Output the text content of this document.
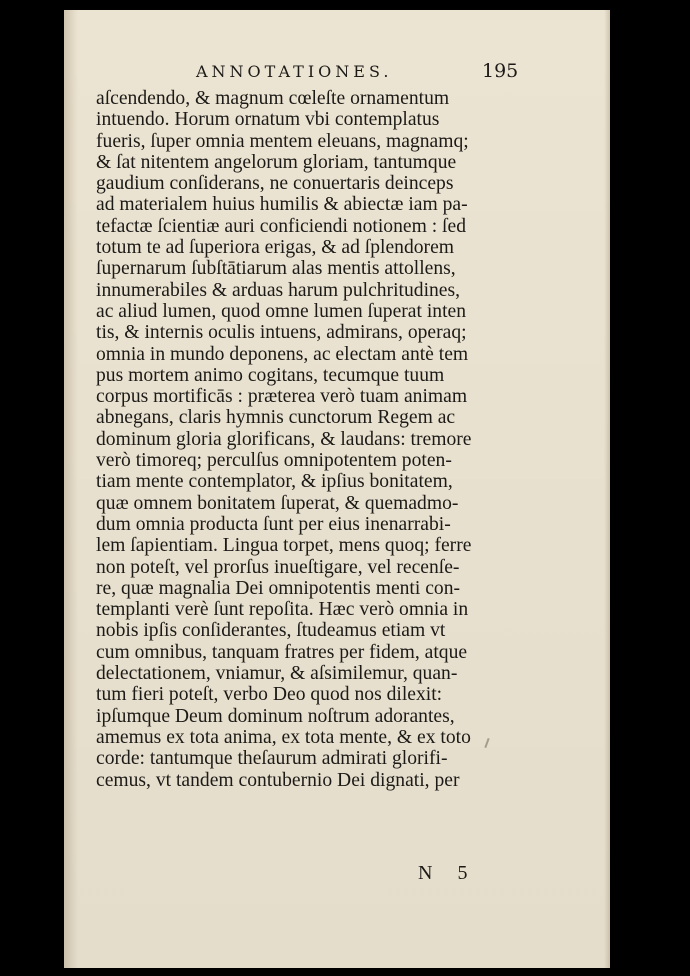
ANNOTATIONES.	195
aſcendendo, & magnum cœleſte ornamentum
intuendo. Horum ornatum vbi contemplatus
fueris, ſuper omnia mentem eleuans, magnamq;
& ſat nitentem angelorum gloriam, tantumque
gaudium conſiderans, ne conuertaris deinceps
ad materialem huius humilis & abiectæ iam pa-
tefactæ ſcientiæ auri conficiendi notionem : ſed
totum te ad ſuperiora erigas, & ad ſplendorem
ſupernarum ſubſtātiarum alas mentis attollens,
innumerabiles & arduas harum pulchritudines,
ac aliud lumen, quod omne lumen ſuperat inten
tis, & internis oculis intuens, admirans, operaq;
omnia in mundo deponens, ac electam antè tem
pus mortem animo cogitans, tecumque tuum
corpus mortificās : præterea verò tuam animam
abnegans, claris hymnis cunctorum Regem ac
dominum gloria glorificans, & laudans: tremore
verò timoreq; perculſus omnipotentem poten-
tiam mente contemplator, & ipſius bonitatem,
quæ omnem bonitatem ſuperat, & quemadmo-
dum omnia producta ſunt per eius inenarrabi-
lem ſapientiam. Lingua torpet, mens quoq; ferre
non poteſt, vel prorſus inueſtigare, vel recenſe-
re, quæ magnalia Dei omnipotentis menti con-
templanti verè ſunt repoſita. Hæc verò omnia in
nobis ipſis conſiderantes, ſtudeamus etiam vt
cum omnibus, tanquam fratres per fidem, atque
delectationem, vniamur, & aſsimilemur, quan-
tum fieri poteſt, verbo Deo quod nos dilexit:
ipſumque Deum dominum noſtrum adorantes,
amemus ex tota anima, ex tota mente, & ex toto
corde: tantumque theſaurum admirati glorifi-
cemus, vt tandem contubernio Dei dignati, per
N 5
